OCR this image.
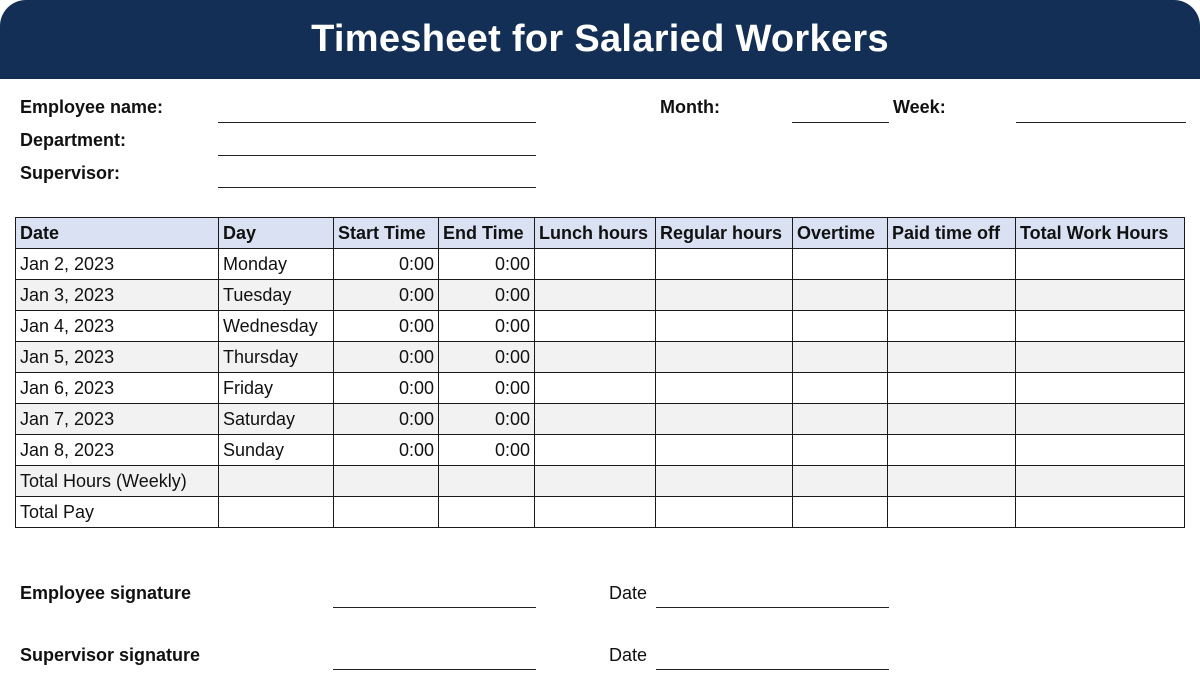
Timesheet for Salaried Workers
Employee name:
Department:
Supervisor:
Month:	Week:
Date	Day	Start Time	End Time	Lunch hours	Regular hours	Overtime	Paid time off	Total Work Hours
Jan 2, 2023	Monday	0:00	0:00					
Jan 3, 2023	Tuesday	0:00	0:00					
Jan 4, 2023	Wednesday	0:00	0:00					
Jan 5, 2023	Thursday	0:00	0:00					
Jan 6, 2023	Friday	0:00	0:00					
Jan 7, 2023	Saturday	0:00	0:00					
Jan 8, 2023	Sunday	0:00	0:00					
Total Hours (Weekly)								
Total Pay								
Employee signature	Date
Supervisor signature	Date
